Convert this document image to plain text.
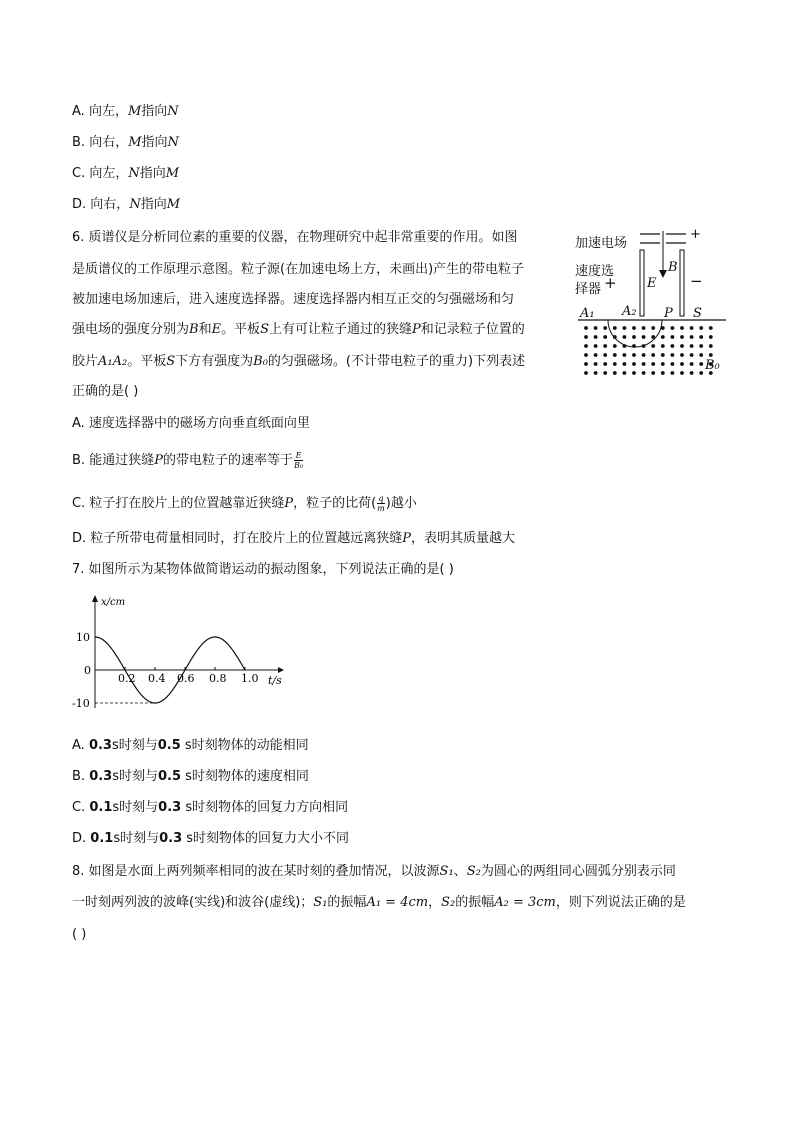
A. 向左，M指向N
B. 向右，M指向N
C. 向左，N指向M
D. 向右，N指向M
6. 质谱仪是分析同位素的重要的仪器，在物理研究中起非常重要的作用。如图
是质谱仪的工作原理示意图。粒子源(在加速电场上方，未画出)产生的带电粒子
被加速电场加速后，进入速度选择器。速度选择器内相互正交的匀强磁场和匀
强电场的强度分别为B和E。平板S上有可让粒子通过的狭缝P和记录粒子位置的
胶片A₁A₂。平板S下方有强度为B₀的匀强磁场。(不计带电粒子的重力)下列表述
正确的是( )
A. 速度选择器中的磁场方向垂直纸面向里
B. 能通过狭缝P的带电粒子的速率等于 $\frac{E}{\text{B₀}}$
C. 粒子打在胶片上的位置越靠近狭缝P，粒子的比荷( $\frac{q}{m}$ )越小
D. 粒子所带电荷量相同时，打在胶片上的位置越远离狭缝P，表明其质量越大
加速电场
+
速度选
择器 +	−
E
B
A₁ A₂ P S
B₀
7. 如图所示为某物体做简谐运动的振动图象，下列说法正确的是( )
x/cm
t/s
10
0
-10
0.2 0.4 0.6 0.8 1.0
A. 0.3s时刻与0.5 s时刻物体的动能相同
B. 0.3s时刻与0.5 s时刻物体的速度相同
C. 0.1s时刻与0.3 s时刻物体的回复力方向相同
D. 0.1s时刻与0.3 s时刻物体的回复力大小不同
8. 如图是水面上两列频率相同的波在某时刻的叠加情况，以波源S₁、S₂为圆心的两组同心圆弧分别表示同
一时刻两列波的波峰(实线)和波谷(虚线)；S₁的振幅A₁ = 4cm，S₂的振幅A₂ = 3cm，则下列说法正确的是
( )
